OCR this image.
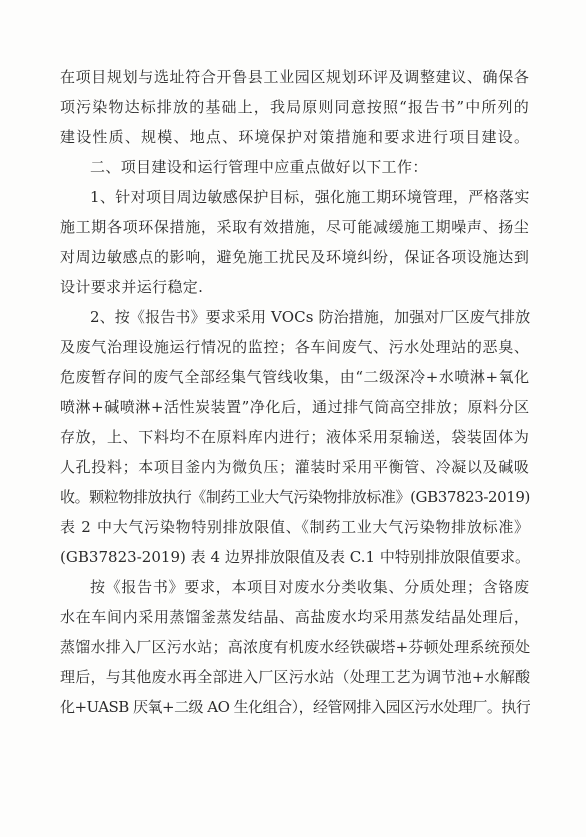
在项目规划与选址符合开鲁县工业园区规划环评及调整建议、确保各
项污染物达标排放的基础上，我局原则同意按照“报告书”中所列的
建设性质、规模、地点、环境保护对策措施和要求进行项目建设。
二、项目建设和运行管理中应重点做好以下工作：
1、针对项目周边敏感保护目标，强化施工期环境管理，严格落实
施工期各项环保措施，采取有效措施，尽可能减缓施工期噪声、扬尘
对周边敏感点的影响，避免施工扰民及环境纠纷，保证各项设施达到
设计要求并运行稳定.
2、按《报告书》要求采用 VOCs 防治措施，加强对厂区废气排放
及废气治理设施运行情况的监控；各车间废气、污水处理站的恶臭、
危废暂存间的废气全部经集气管线收集，由“二级深冷+水喷淋+氧化
喷淋+碱喷淋+活性炭装置”净化后，通过排气筒高空排放；原料分区
存放，上、下料均不在原料库内进行；液体采用泵输送，袋装固体为
人孔投料；本项目釜内为微负压；灌装时采用平衡管、冷凝以及碱吸
收。颗粒物排放执行《制药工业大气污染物排放标准》(GB37823-2019)
表 2 中大气污染物特别排放限值、《制药工业大气污染物排放标准》
(GB37823-2019) 表 4 边界排放限值及表 C.1 中特别排放限值要求。
按《报告书》要求，本项目对废水分类收集、分质处理；含铬废
水在车间内采用蒸馏釜蒸发结晶、高盐废水均采用蒸发结晶处理后，
蒸馏水排入厂区污水站；高浓度有机废水经铁碳塔+芬顿处理系统预处
理后，与其他废水再全部进入厂区污水站（处理工艺为调节池+水解酸
化+UASB 厌氧+二级 AO 生化组合），经管网排入园区污水处理厂。执行
